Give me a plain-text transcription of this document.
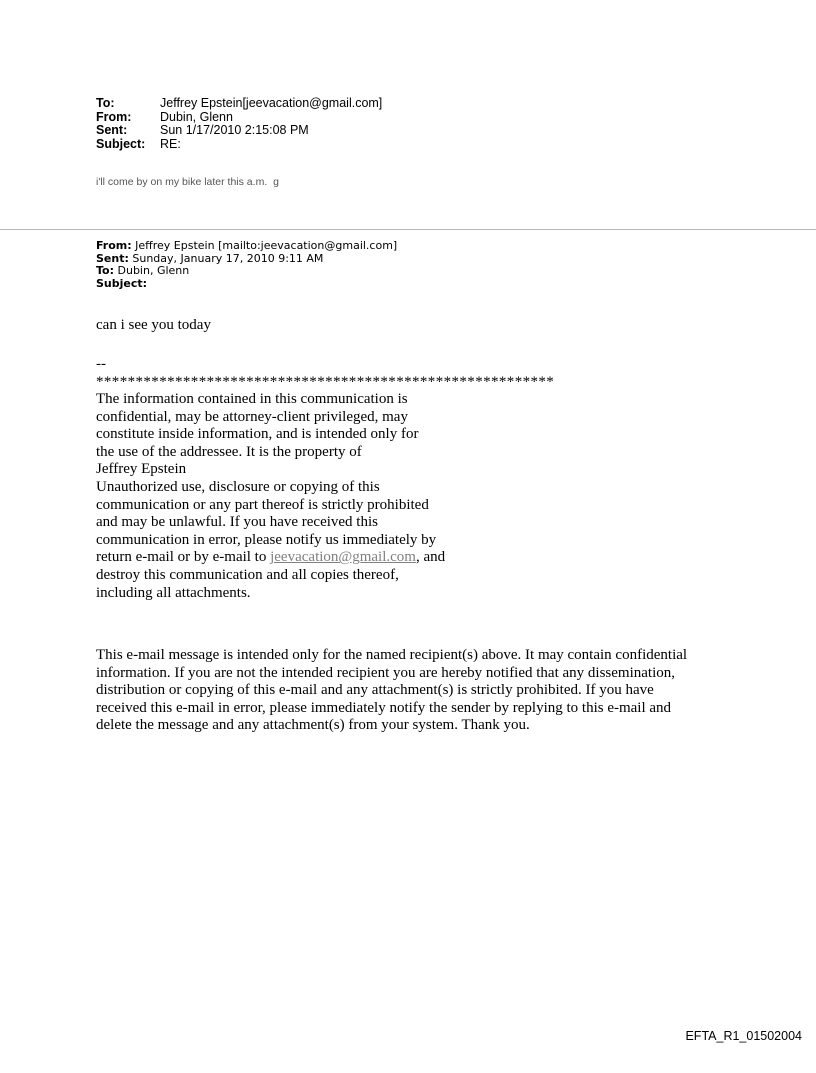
To:	Jeffrey Epstein[jeevacation@gmail.com]
From:	Dubin, Glenn
Sent:	Sun 1/17/2010 2:15:08 PM
Subject:	RE:
i'll come by on my bike later this a.m.  g
From: Jeffrey Epstein [mailto:jeevacation@gmail.com]
Sent: Sunday, January 17, 2010 9:11 AM
To: Dubin, Glenn
Subject:
can i see you today
--
**********************************************************
The information contained in this communication is
confidential, may be attorney-client privileged, may
constitute inside information, and is intended only for
the use of the addressee. It is the property of
Jeffrey Epstein
Unauthorized use, disclosure or copying of this
communication or any part thereof is strictly prohibited
and may be unlawful. If you have received this
communication in error, please notify us immediately by
return e-mail or by e-mail to jeevacation@gmail.com, and
destroy this communication and all copies thereof,
including all attachments.
This e-mail message is intended only for the named recipient(s) above. It may contain confidential
information. If you are not the intended recipient you are hereby notified that any dissemination,
distribution or copying of this e-mail and any attachment(s) is strictly prohibited. If you have
received this e-mail in error, please immediately notify the sender by replying to this e-mail and
delete the message and any attachment(s) from your system. Thank you.
EFTA_R1_01502004
